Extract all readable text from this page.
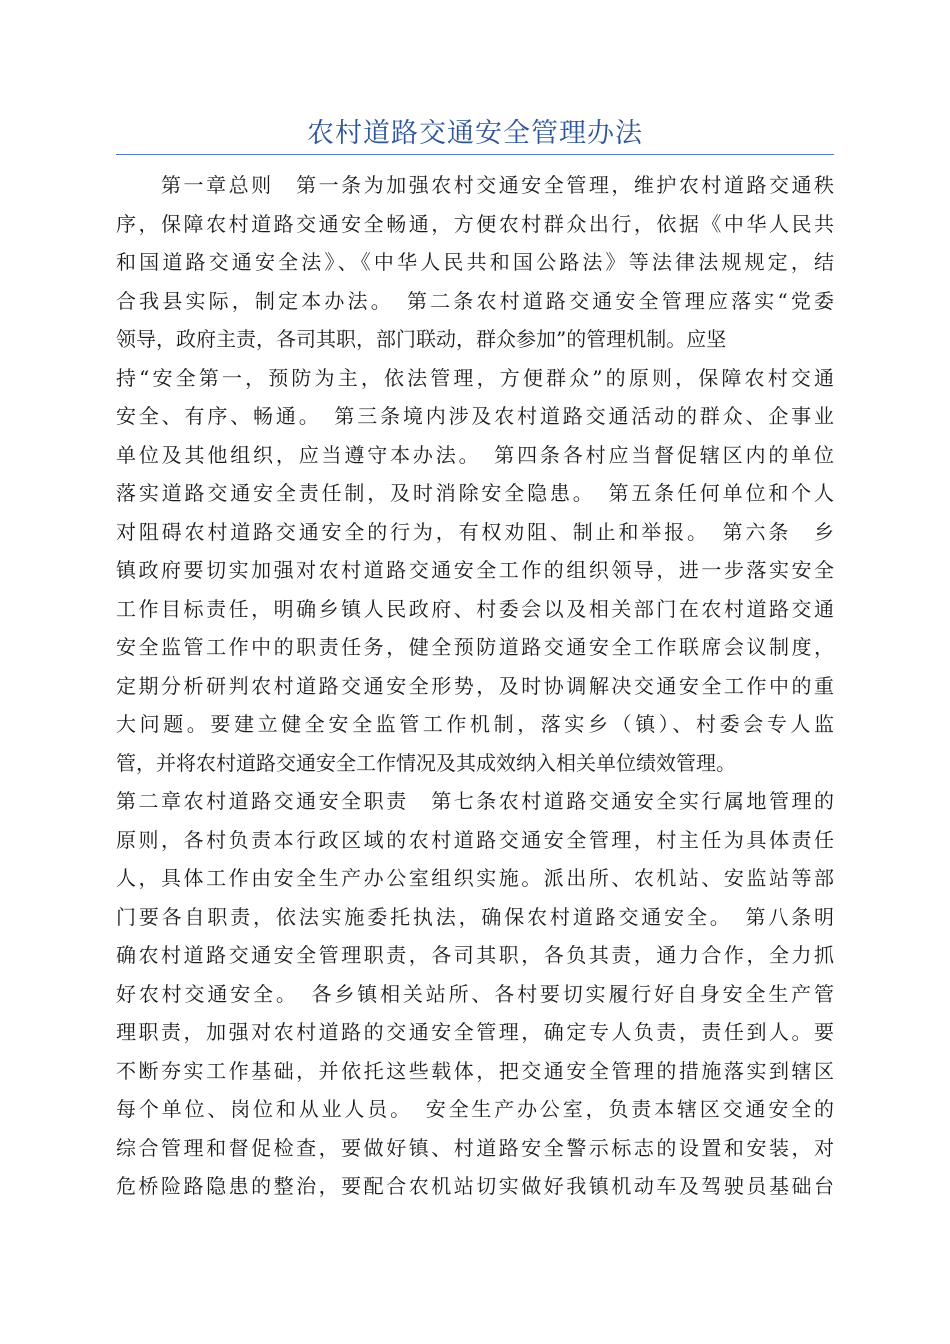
农村道路交通安全管理办法
　　第一章总则　第一条为加强农村交通安全管理，维护农村道路交通秩
序，保障农村道路交通安全畅通，方便农村群众出行，依据《中华人民共
和国道路交通安全法》、《中华人民共和国公路法》等法律法规规定，结
合我县实际，制定本办法。　第二条农村道路交通安全管理应落实“党委
领导，政府主责，各司其职，部门联动，群众参加”的管理机制。应坚
持“安全第一，预防为主，依法管理，方便群众”的原则，保障农村交通
安全、有序、畅通。　第三条境内涉及农村道路交通活动的群众、企事业
单位及其他组织，应当遵守本办法。　第四条各村应当督促辖区内的单位
落实道路交通安全责任制，及时消除安全隐患。　第五条任何单位和个人
对阻碍农村道路交通安全的行为，有权劝阻、制止和举报。　第六条　乡
镇政府要切实加强对农村道路交通安全工作的组织领导，进一步落实安全
工作目标责任，明确乡镇人民政府、村委会以及相关部门在农村道路交通
安全监管工作中的职责任务，健全预防道路交通安全工作联席会议制度，
定期分析研判农村道路交通安全形势，及时协调解决交通安全工作中的重
大问题。要建立健全安全监管工作机制，落实乡（镇）、村委会专人监
管，并将农村道路交通安全工作情况及其成效纳入相关单位绩效管理。
第二章农村道路交通安全职责　第七条农村道路交通安全实行属地管理的
原则，各村负责本行政区域的农村道路交通安全管理，村主任为具体责任
人，具体工作由安全生产办公室组织实施。派出所、农机站、安监站等部
门要各自职责，依法实施委托执法，确保农村道路交通安全。　第八条明
确农村道路交通安全管理职责，各司其职，各负其责，通力合作，全力抓
好农村交通安全。　各乡镇相关站所、各村要切实履行好自身安全生产管
理职责，加强对农村道路的交通安全管理，确定专人负责，责任到人。要
不断夯实工作基础，并依托这些载体，把交通安全管理的措施落实到辖区
每个单位、岗位和从业人员。　安全生产办公室，负责本辖区交通安全的
综合管理和督促检查，要做好镇、村道路安全警示标志的设置和安装，对
危桥险路隐患的整治，要配合农机站切实做好我镇机动车及驾驶员基础台
